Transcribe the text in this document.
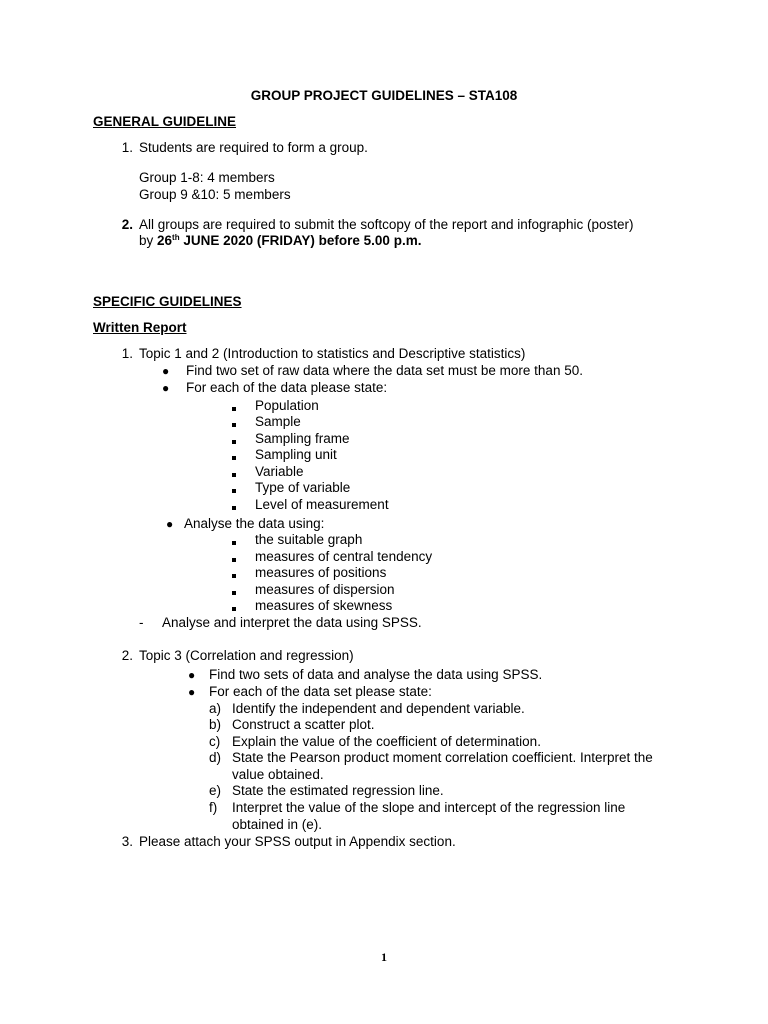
GROUP PROJECT GUIDELINES – STA108
GENERAL GUIDELINE
1. Students are required to form a group.
Group 1-8: 4 members
Group 9 &10: 5 members
2. All groups are required to submit the softcopy of the report and infographic (poster)
by 26th JUNE 2020 (FRIDAY) before 5.00 p.m.
SPECIFIC GUIDELINES
Written Report
1. Topic 1 and 2 (Introduction to statistics and Descriptive statistics)
● Find two set of raw data where the data set must be more than 50.
● For each of the data please state:
Population
Sample
Sampling frame
Sampling unit
Variable
Type of variable
Level of measurement
● Analyse the data using:
the suitable graph
measures of central tendency
measures of positions
measures of dispersion
measures of skewness
- Analyse and interpret the data using SPSS.
2. Topic 3 (Correlation and regression)
● Find two sets of data and analyse the data using SPSS.
● For each of the data set please state:
a) Identify the independent and dependent variable.
b) Construct a scatter plot.
c) Explain the value of the coefficient of determination.
d) State the Pearson product moment correlation coefficient. Interpret the
value obtained.
e) State the estimated regression line.
f) Interpret the value of the slope and intercept of the regression line
obtained in (e).
3. Please attach your SPSS output in Appendix section.
1
